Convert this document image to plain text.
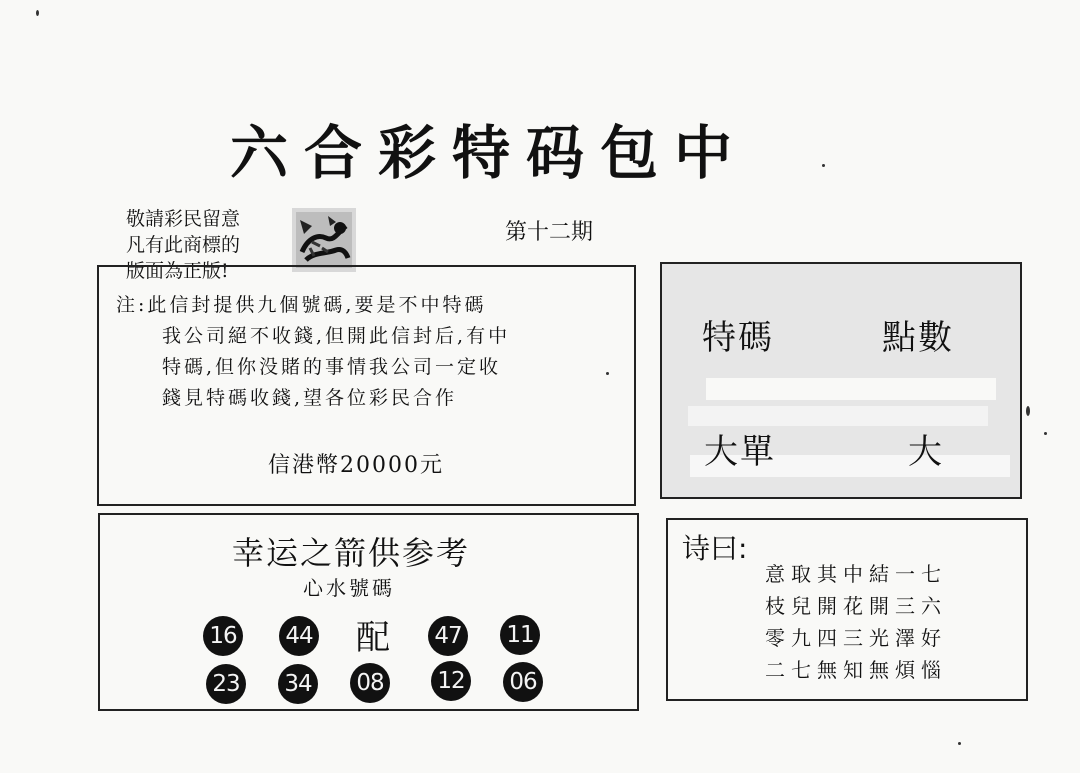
六合彩特码包中
敬請彩民留意
凡有此商標的
版面為正版!
第十二期
注:此信封提供九個號碼,要是不中特碼
我公司絕不收錢,但開此信封后,有中
特碼,但你没賭的事情我公司一定收
錢見特碼收錢,望各位彩民合作
信港幣20000元
特碼	點數
大單	大
幸运之箭供参考
心水號碼
16 44 配 47 11
23 34 08 12 06
诗曰:
意取其中結一七
枝兒開花開三六
零九四三光澤好
二七無知無煩惱
